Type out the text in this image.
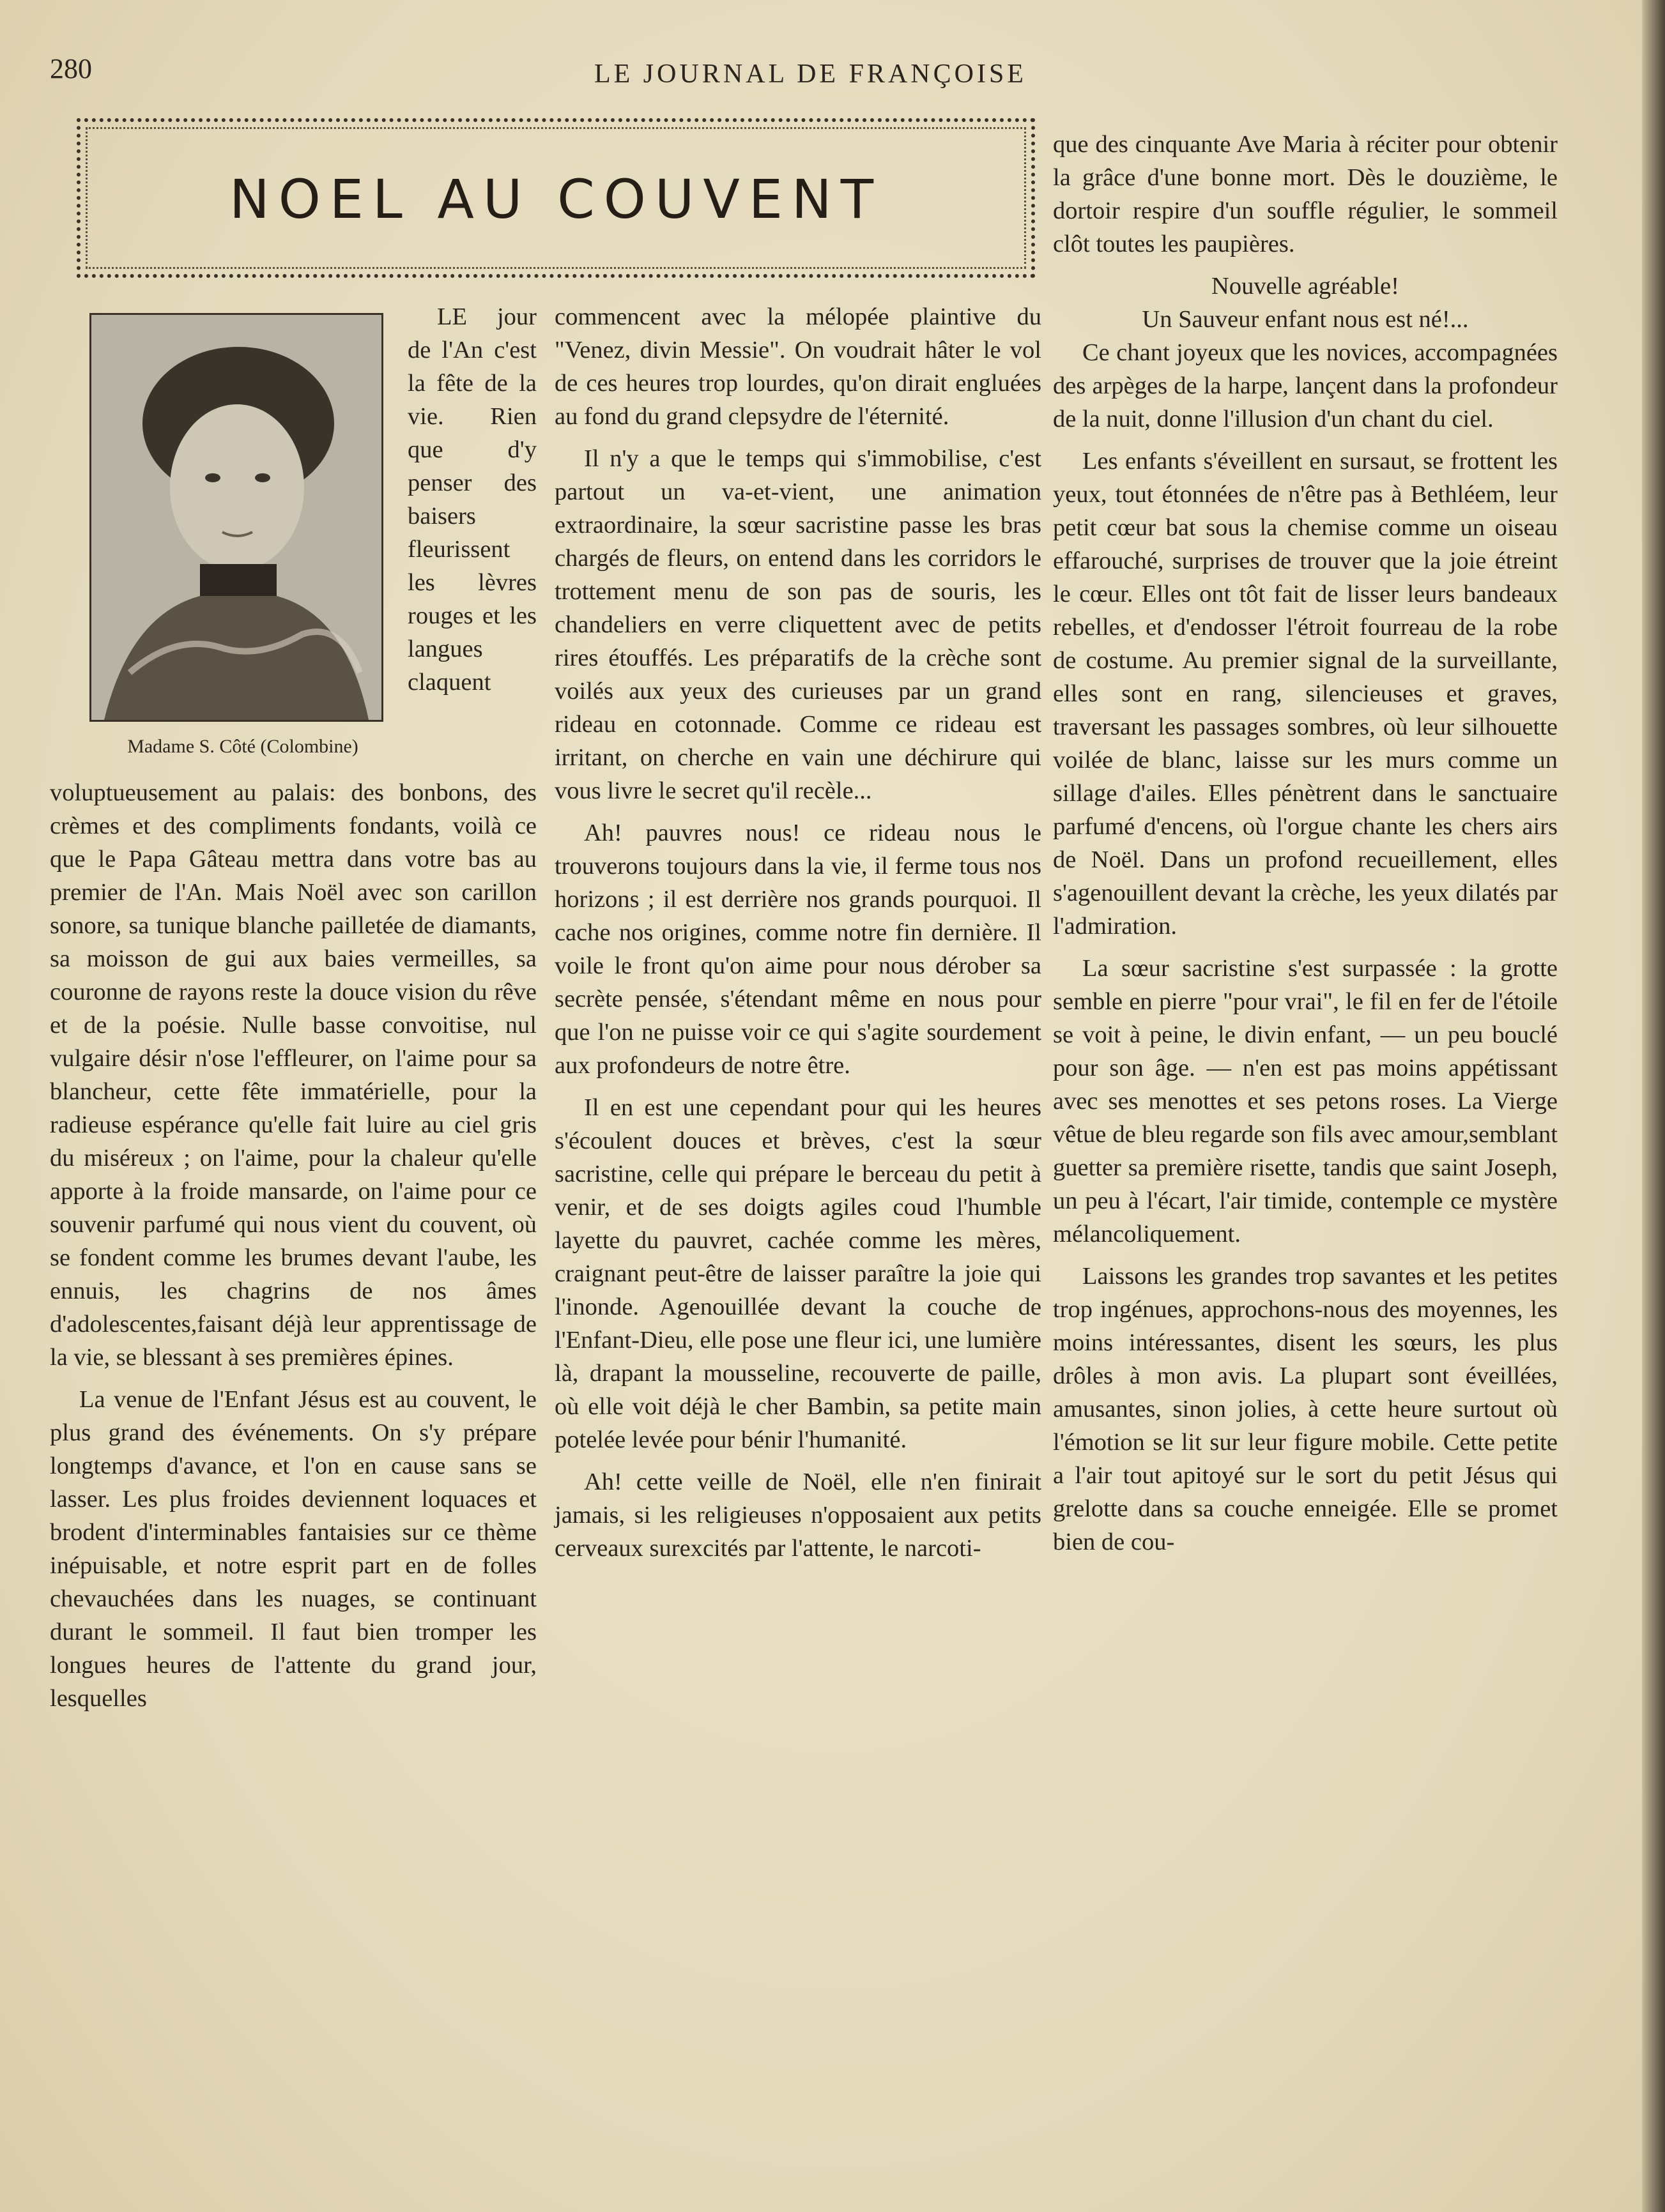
280	LE JOURNAL DE FRANÇOISE
NOEL AU COUVENT
Madame S. Côté (Colombine)

LE jour de l'An c'est la fête de la vie. Rien que d'y penser des baisers fleurissent les lèvres rouges et les langues claquent voluptueusement au palais: des bonbons, des crèmes et des compliments fondants, voilà ce que le Papa Gâteau mettra dans votre bas au premier de l'An. Mais Noël avec son carillon sonore, sa tunique blanche pailletée de diamants, sa moisson de gui aux baies vermeilles, sa couronne de rayons reste la douce vision du rêve et de la poésie. Nulle basse convoitise, nul vulgaire désir n'ose l'effleurer, on l'aime pour sa blancheur, cette fête immatérielle, pour la radieuse espérance qu'elle fait luire au ciel gris du miséreux ; on l'aime, pour la chaleur qu'elle apporte à la froide mansarde, on l'aime pour ce souvenir parfumé qui nous vient du couvent, où se fondent comme les brumes devant l'aube, les ennuis, les chagrins de nos âmes d'adolescentes,faisant déjà leur apprentissage de la vie, se blessant à ses premières épines.

La venue de l'Enfant Jésus est au couvent, le plus grand des événements. On s'y prépare longtemps d'avance, et l'on en cause sans se lasser. Les plus froides deviennent loquaces et brodent d'interminables fantaisies sur ce thème inépuisable, et notre esprit part en de folles chevauchées dans les nuages, se continuant durant le sommeil. Il faut bien tromper les longues heures de l'attente du grand jour, lesquelles

commencent avec la mélopée plaintive du "Venez, divin Messie". On voudrait hâter le vol de ces heures trop lourdes, qu'on dirait engluées au fond du grand clepsydre de l'éternité.

Il n'y a que le temps qui s'immobilise, c'est partout un va-et-vient, une animation extraordinaire, la sœur sacristine passe les bras chargés de fleurs, on entend dans les corridors le trottement menu de son pas de souris, les chandeliers en verre cliquettent avec de petits rires étouffés. Les préparatifs de la crèche sont voilés aux yeux des curieuses par un grand rideau en cotonnade. Comme ce rideau est irritant, on cherche en vain une déchirure qui vous livre le secret qu'il recèle...

Ah! pauvres nous! ce rideau nous le trouverons toujours dans la vie, il ferme tous nos horizons ; il est derrière nos grands pourquoi. Il cache nos origines, comme notre fin dernière. Il voile le front qu'on aime pour nous dérober sa secrète pensée, s'étendant même en nous pour que l'on ne puisse voir ce qui s'agite sourdement aux profondeurs de notre être.

Il en est une cependant pour qui les heures s'écoulent douces et brèves, c'est la sœur sacristine, celle qui prépare le berceau du petit à venir, et de ses doigts agiles coud l'humble layette du pauvret, cachée comme les mères, craignant peut-être de laisser paraître la joie qui l'inonde. Agenouillée devant la couche de l'Enfant-Dieu, elle pose une fleur ici, une lumière là, drapant la mousseline, recouverte de paille, où elle voit déjà le cher Bambin, sa petite main potelée levée pour bénir l'humanité.

Ah! cette veille de Noël, elle n'en finirait jamais, si les religieuses n'opposaient aux petits cerveaux surexcités par l'attente, le narcoti-

que des cinquante Ave Maria à réciter pour obtenir la grâce d'une bonne mort. Dès le douzième, le dortoir respire d'un souffle régulier, le sommeil clôt toutes les paupières.

Nouvelle agréable!

Un Sauveur enfant nous est né!...

Ce chant joyeux que les novices, accompagnées des arpèges de la harpe, lançent dans la profondeur de la nuit, donne l'illusion d'un chant du ciel.

Les enfants s'éveillent en sursaut, se frottent les yeux, tout étonnées de n'être pas à Bethléem, leur petit cœur bat sous la chemise comme un oiseau effarouché, surprises de trouver que la joie étreint le cœur. Elles ont tôt fait de lisser leurs bandeaux rebelles, et d'endosser l'étroit fourreau de la robe de costume. Au premier signal de la surveillante, elles sont en rang, silencieuses et graves, traversant les passages sombres, où leur silhouette voilée de blanc, laisse sur les murs comme un sillage d'ailes. Elles pénètrent dans le sanctuaire parfumé d'encens, où l'orgue chante les chers airs de Noël. Dans un profond recueillement, elles s'agenouillent devant la crèche, les yeux dilatés par l'admiration.

La sœur sacristine s'est surpassée : la grotte semble en pierre "pour vrai", le fil en fer de l'étoile se voit à peine, le divin enfant, — un peu bouclé pour son âge. — n'en est pas moins appétissant avec ses menottes et ses petons roses. La Vierge vêtue de bleu regarde son fils avec amour,semblant guetter sa première risette, tandis que saint Joseph, un peu à l'écart, l'air timide, contemple ce mystère mélancoliquement.

Laissons les grandes trop savantes et les petites trop ingénues, approchons-nous des moyennes, les moins intéressantes, disent les sœurs, les plus drôles à mon avis. La plupart sont éveillées, amusantes, sinon jolies, à cette heure surtout où l'émotion se lit sur leur figure mobile. Cette petite a l'air tout apitoyé sur le sort du petit Jésus qui grelotte dans sa couche enneigée. Elle se promet bien de cou-
